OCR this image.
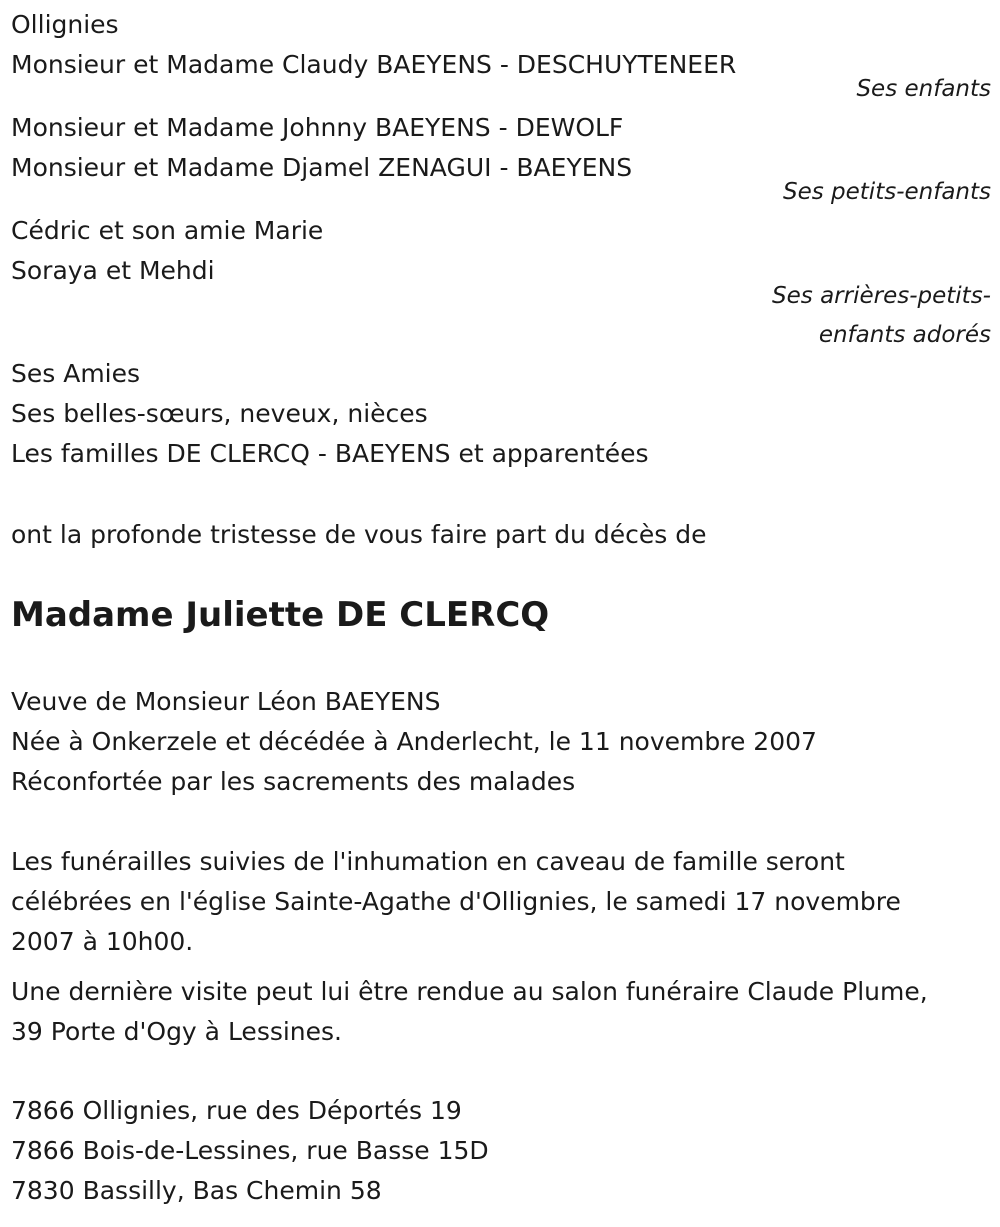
Ollignies
Monsieur et Madame Claudy BAEYENS - DESCHUYTENEER
Ses enfants
Monsieur et Madame Johnny BAEYENS - DEWOLF
Monsieur et Madame Djamel ZENAGUI - BAEYENS
Ses petits-enfants
Cédric et son amie Marie
Soraya et Mehdi
Ses arrières-petits-
enfants adorés
Ses Amies
Ses belles-sœurs, neveux, nièces
Les familles DE CLERCQ - BAEYENS et apparentées
ont la profonde tristesse de vous faire part du décès de
Madame Juliette DE CLERCQ
Veuve de Monsieur Léon BAEYENS
Née à Onkerzele et décédée à Anderlecht, le 11 novembre 2007
Réconfortée par les sacrements des malades
Les funérailles suivies de l'inhumation en caveau de famille seront
célébrées en l'église Sainte-Agathe d'Ollignies, le samedi 17 novembre
2007 à 10h00.
Une dernière visite peut lui être rendue au salon funéraire Claude Plume,
39 Porte d'Ogy à Lessines.
7866 Ollignies, rue des Déportés 19
7866 Bois-de-Lessines, rue Basse 15D
7830 Bassilly, Bas Chemin 58
